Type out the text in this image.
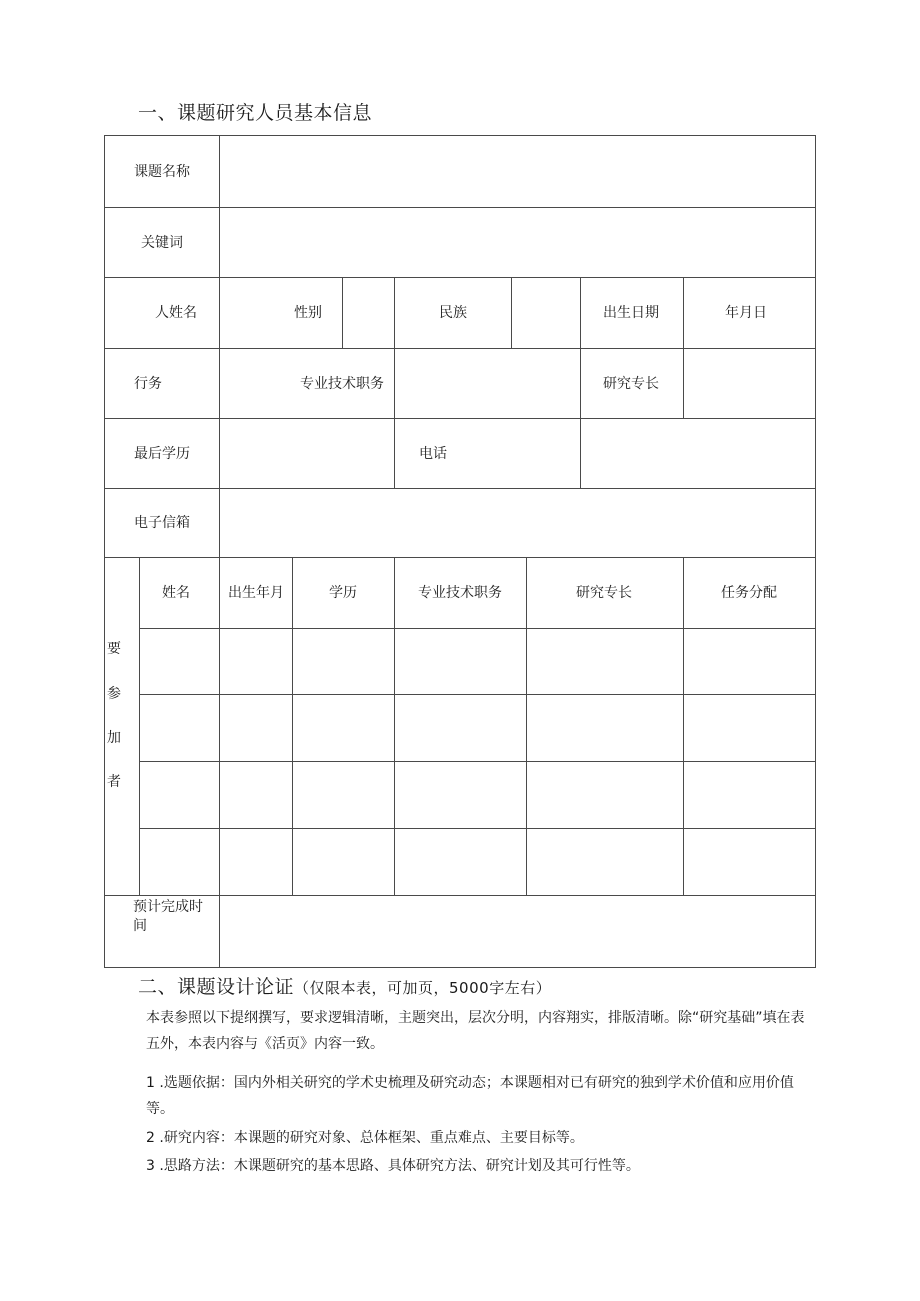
一、课题研究人员基本信息
课题名称
关键词
人姓名	性别	民族	出生日期	年月日
行务	专业技术职务	研究专长
最后学历	电话
电子信箱
要
参
加
者
姓名	出生年月	学历	专业技术职务	研究专长	任务分配
预计完成时间
二、课题设计论证（仅限本表，可加页，5000字左右）
本表参照以下提纲撰写，要求逻辑清晰，主题突出，层次分明，内容翔实，排版清晰。除“研究基础”填在表五外，本表内容与《活页》内容一致。
1 .选题依据：国内外相关研究的学术史梳理及研究动态；本课题相对已有研究的独到学术价值和应用价值等。
2 .研究内容：本课题的研究对象、总体框架、重点难点、主要目标等。
3 .思路方法：木课题研究的基本思路、具体研究方法、研究计划及其可行性等。
